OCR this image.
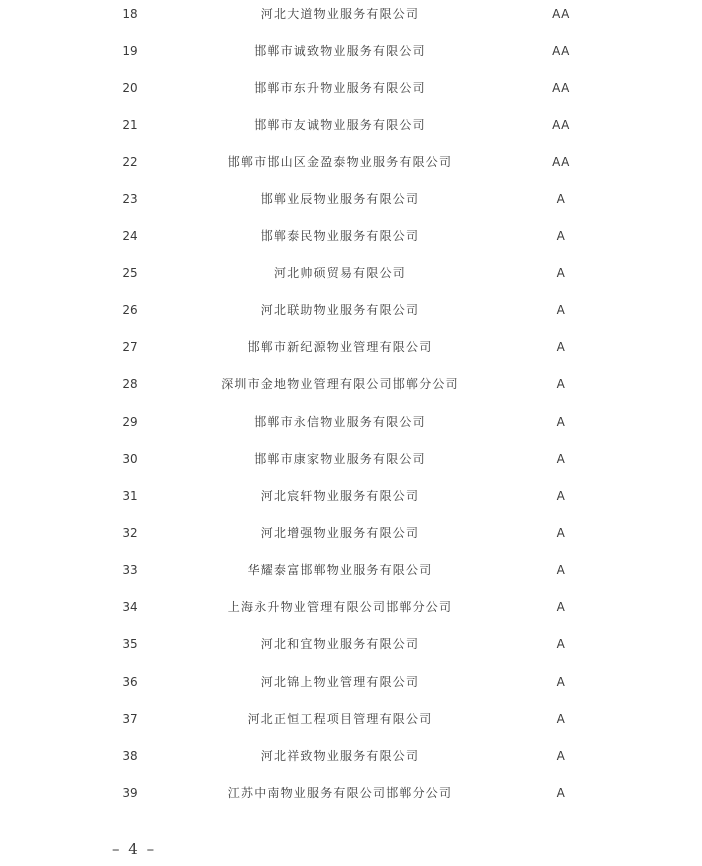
18	河北大道物业服务有限公司	AA
19	邯郸市诚致物业服务有限公司	AA
20	邯郸市东升物业服务有限公司	AA
21	邯郸市友诚物业服务有限公司	AA
22	邯郸市邯山区金盈泰物业服务有限公司	AA
23	邯郸业辰物业服务有限公司	A
24	邯郸泰民物业服务有限公司	A
25	河北帅硕贸易有限公司	A
26	河北联助物业服务有限公司	A
27	邯郸市新纪源物业管理有限公司	A
28	深圳市金地物业管理有限公司邯郸分公司	A
29	邯郸市永信物业服务有限公司	A
30	邯郸市康家物业服务有限公司	A
31	河北宸轩物业服务有限公司	A
32	河北增强物业服务有限公司	A
33	华耀泰富邯郸物业服务有限公司	A
34	上海永升物业管理有限公司邯郸分公司	A
35	河北和宜物业服务有限公司	A
36	河北锦上物业管理有限公司	A
37	河北正恒工程项目管理有限公司	A
38	河北祥致物业服务有限公司	A
39	江苏中南物业服务有限公司邯郸分公司	A
– 4 –
